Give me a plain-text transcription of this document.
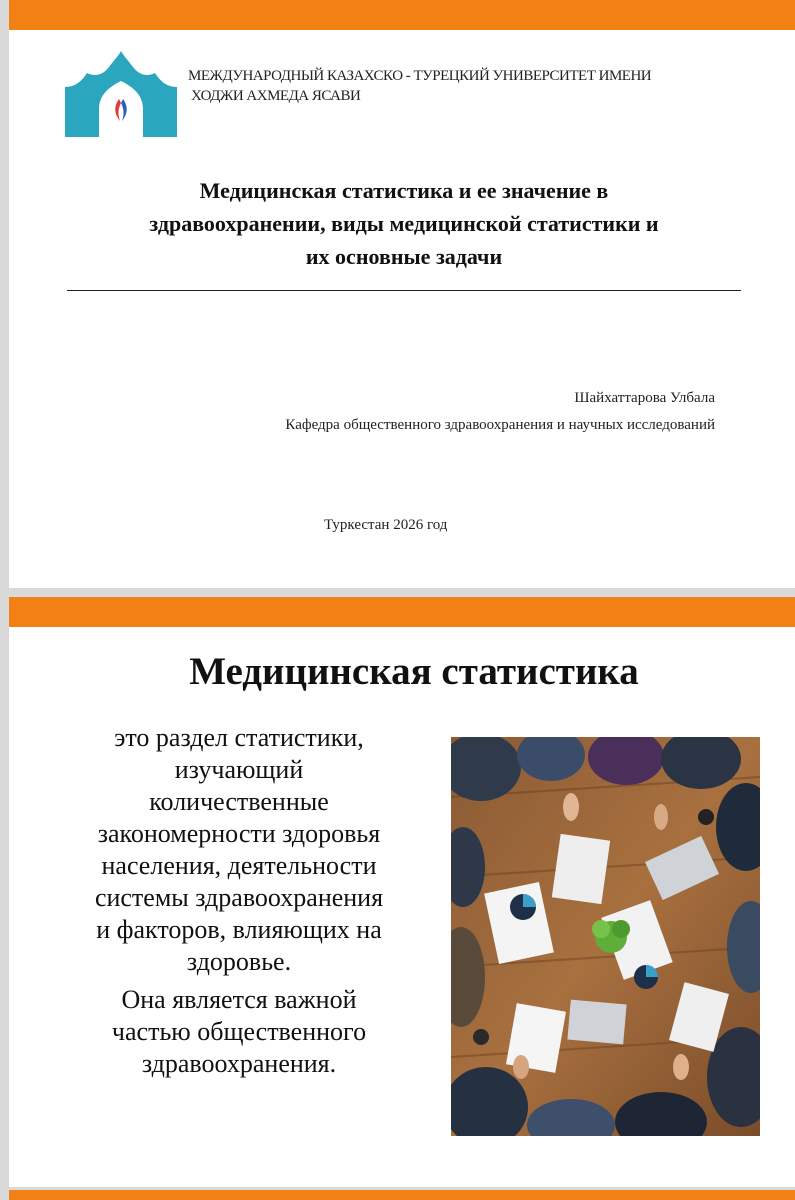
МЕЖДУНАРОДНЫЙ КАЗАХСКО - ТУРЕЦКИЙ УНИВЕРСИТЕТ ИМЕНИ
ХОДЖИ АХМЕДА ЯСАВИ
Медицинская статистика и ее значение в
здравоохранении, виды медицинской статистики и
их основные задачи
Шайхаттарова Улбала
Кафедра общественного здравоохранения и научных исследований
Туркестан 2026 год
Медицинская статистика
это раздел статистики,
изучающий
количественные
закономерности здоровья
населения, деятельности
системы здравоохранения
и факторов, влияющих на
здоровье.
Она является важной
частью общественного
здравоохранения.
